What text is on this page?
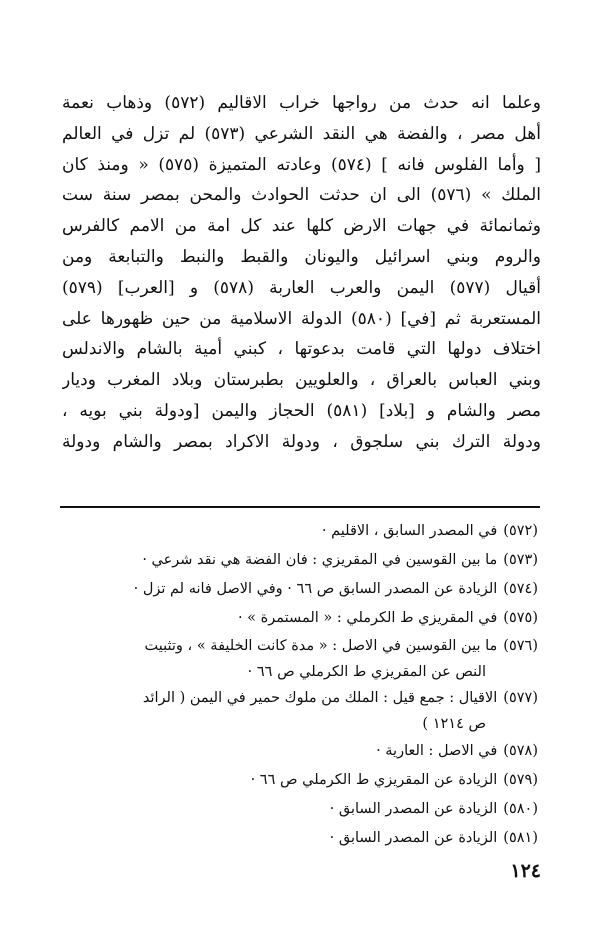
وعلما انه حدث من رواجها خراب الاقاليم (٥٧٢) وذهاب نعمة
أهل مصر ، والفضة هي النقد الشرعي (٥٧٣) لم تزل في العالم
[ وأما الفلوس فانه ] (٥٧٤) وعادته المتميزة (٥٧٥) « ومنذ كان
الملك » (٥٧٦) الى ان حدثت الحوادث والمحن بمصر سنة ست
وثمانمائة في جهات الارض كلها عند كل امة من الامم كالفرس
والروم وبني اسرائيل واليونان والقبط والنبط والتبابعة ومن
أقيال (٥٧٧) اليمن والعرب العاربة (٥٧٨) و [العرب] (٥٧٩)
المستعربة ثم [في] (٥٨٠) الدولة الاسلامية من حين ظهورها على
اختلاف دولها التي قامت بدعوتها ، كبني أمية بالشام والاندلس
وبني العباس بالعراق ، والعلويين بطبرستان وبلاد المغرب وديار
مصر والشام و [بلاد] (٥٨١) الحجاز واليمن [ودولة بني بويه ،
ودولة الترك بني سلجوق ، ودولة الاكراد بمصر والشام ودولة
(٥٧٢)في المصدر السابق ، الاقليم ·
(٥٧٣)ما بين القوسين في المقريزي : فان الفضة هي نقد شرعي ·
(٥٧٤)الزيادة عن المصدر السابق ص ٦٦ · وفي الاصل فانه لم تزل ·
(٥٧٥)في المقريزي ط الكرملي : « المستمرة » ·
(٥٧٦)ما بين القوسين في الاصل : « مدة كانت الخليفة » ، وتثبيت
النص عن المقريزي ط الكرملي ص ٦٦ ·
(٥٧٧)الاقيال : جمع قيل : الملك من ملوك حمير في اليمن ( الرائد
ص ١٢١٤ )
(٥٧٨)في الاصل : العارية ·
(٥٧٩)الزيادة عن المقريزي ط الكرملي ص ٦٦ ·
(٥٨٠)الزيادة عن المصدر السابق ·
(٥٨١)الزيادة عن المصدر السابق ·
١٢٤
